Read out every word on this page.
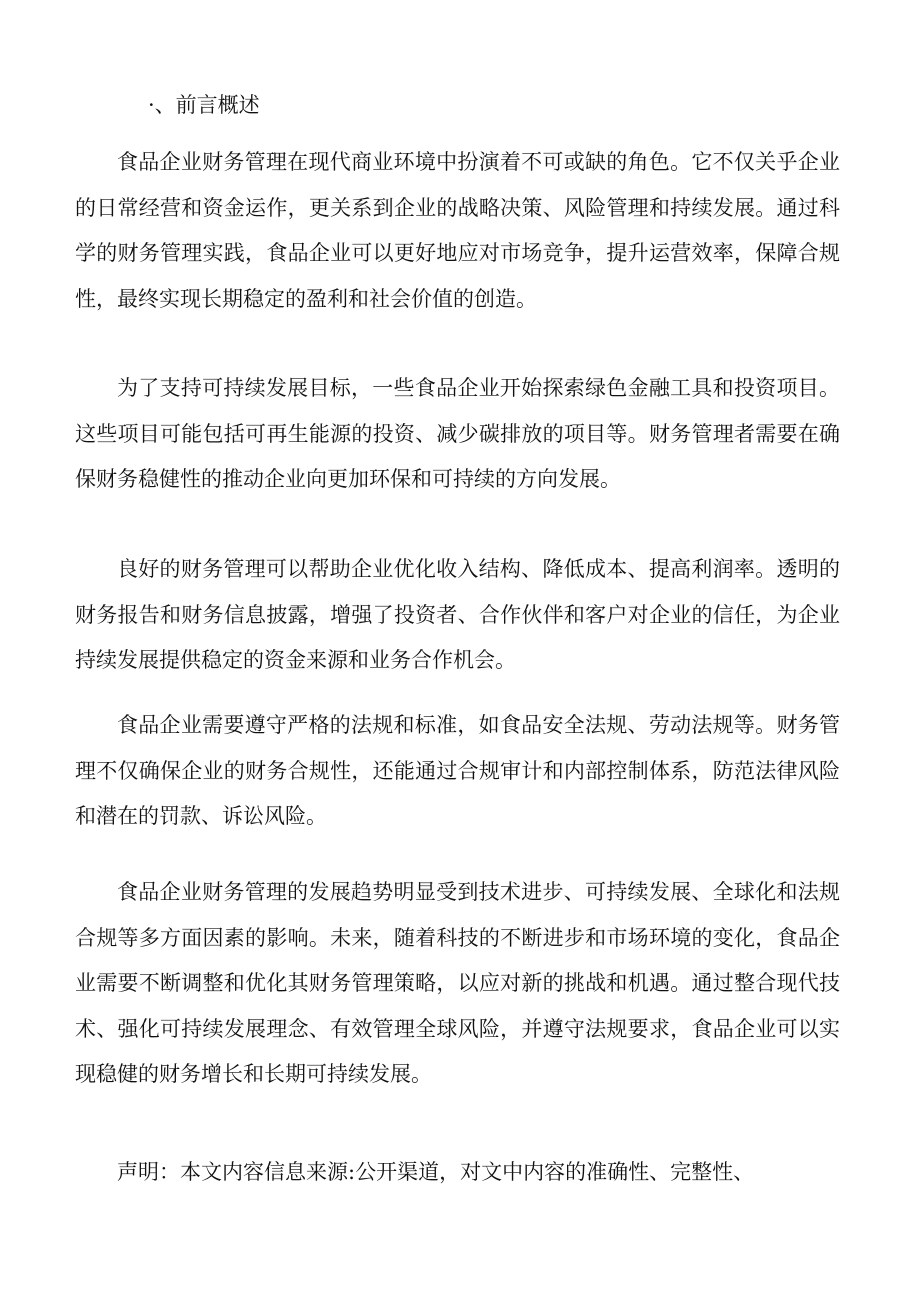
·、前言概述

食品企业财务管理在现代商业环境中扮演着不可或缺的角色。它不仅关乎企业的日常经营和资金运作，更关系到企业的战略决策、风险管理和持续发展。通过科学的财务管理实践，食品企业可以更好地应对市场竞争，提升运营效率，保障合规性，最终实现长期稳定的盈利和社会价值的创造。

为了支持可持续发展目标，一些食品企业开始探索绿色金融工具和投资项目。这些项目可能包括可再生能源的投资、减少碳排放的项目等。财务管理者需要在确保财务稳健性的推动企业向更加环保和可持续的方向发展。

良好的财务管理可以帮助企业优化收入结构、降低成本、提高利润率。透明的财务报告和财务信息披露，增强了投资者、合作伙伴和客户对企业的信任，为企业持续发展提供稳定的资金来源和业务合作机会。

食品企业需要遵守严格的法规和标准，如食品安全法规、劳动法规等。财务管理不仅确保企业的财务合规性，还能通过合规审计和内部控制体系，防范法律风险和潜在的罚款、诉讼风险。

食品企业财务管理的发展趋势明显受到技术进步、可持续发展、全球化和法规合规等多方面因素的影响。未来，随着科技的不断进步和市场环境的变化，食品企业需要不断调整和优化其财务管理策略，以应对新的挑战和机遇。通过整合现代技术、强化可持续发展理念、有效管理全球风险，并遵守法规要求，食品企业可以实现稳健的财务增长和长期可持续发展。

声明：本文内容信息来源:公开渠道，对文中内容的准确性、完整性、
